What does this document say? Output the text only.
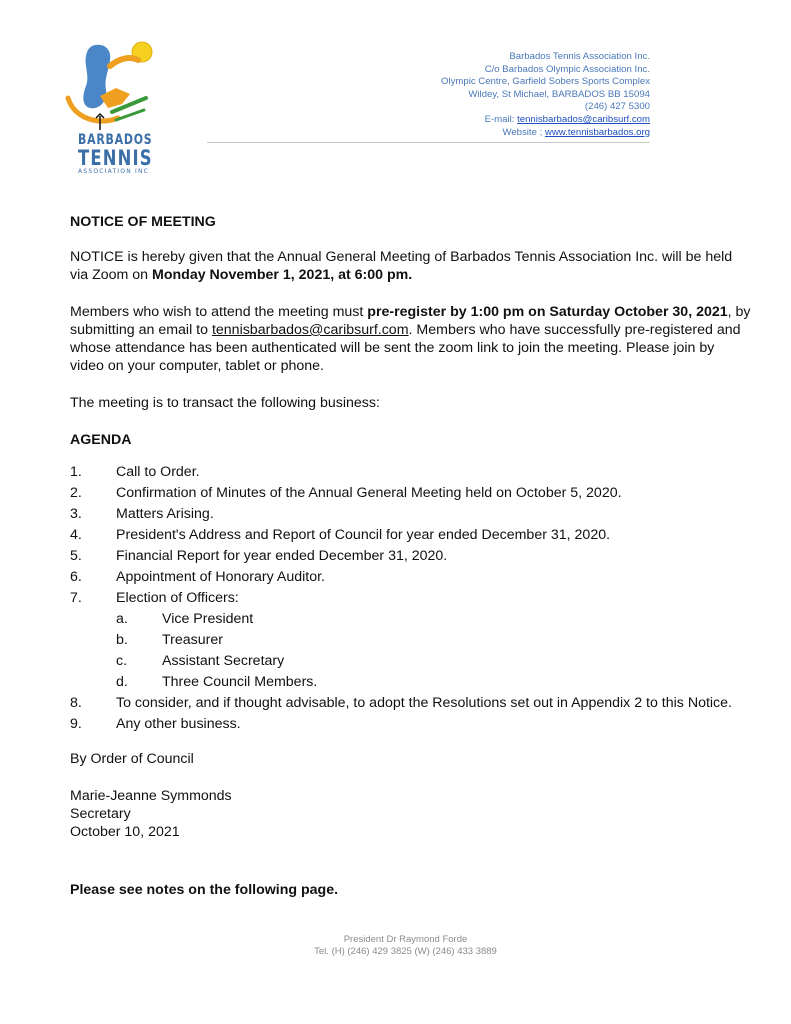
BARBADOS
TENNIS
ASSOCIATION INC
Barbados Tennis Association Inc.
C/o Barbados Olympic Association Inc.
Olympic Centre, Garfield Sobers Sports Complex
Wildey, St Michael, BARBADOS BB 15094
(246) 427 5300
E-mail: tennisbarbados@caribsurf.com
Website ; www.tennisbarbados.org
NOTICE OF MEETING
NOTICE is hereby given that the Annual General Meeting of Barbados Tennis Association Inc. will be held via Zoom on Monday November 1, 2021, at 6:00 pm.
Members who wish to attend the meeting must pre-register by 1:00 pm on Saturday October 30, 2021, by submitting an email to tennisbarbados@caribsurf.com. Members who have successfully pre-registered and whose attendance has been authenticated will be sent the zoom link to join the meeting. Please join by video on your computer, tablet or phone.
The meeting is to transact the following business:
AGENDA
1.	Call to Order.
2.	Confirmation of Minutes of the Annual General Meeting held on October 5, 2020.
3.	Matters Arising.
4.	President's Address and Report of Council for year ended December 31, 2020.
5.	Financial Report for year ended December 31, 2020.
6.	Appointment of Honorary Auditor.
7.	Election of Officers:
a.	Vice President
b.	Treasurer
c.	Assistant Secretary
d.	Three Council Members.
8.	To consider, and if thought advisable, to adopt the Resolutions set out in Appendix 2 to this Notice.
9.	Any other business.
By Order of Council
Marie-Jeanne Symmonds
Secretary
October 10, 2021
Please see notes on the following page.
President Dr Raymond Forde
Tel. (H) (246) 429 3825 (W) (246) 433 3889
